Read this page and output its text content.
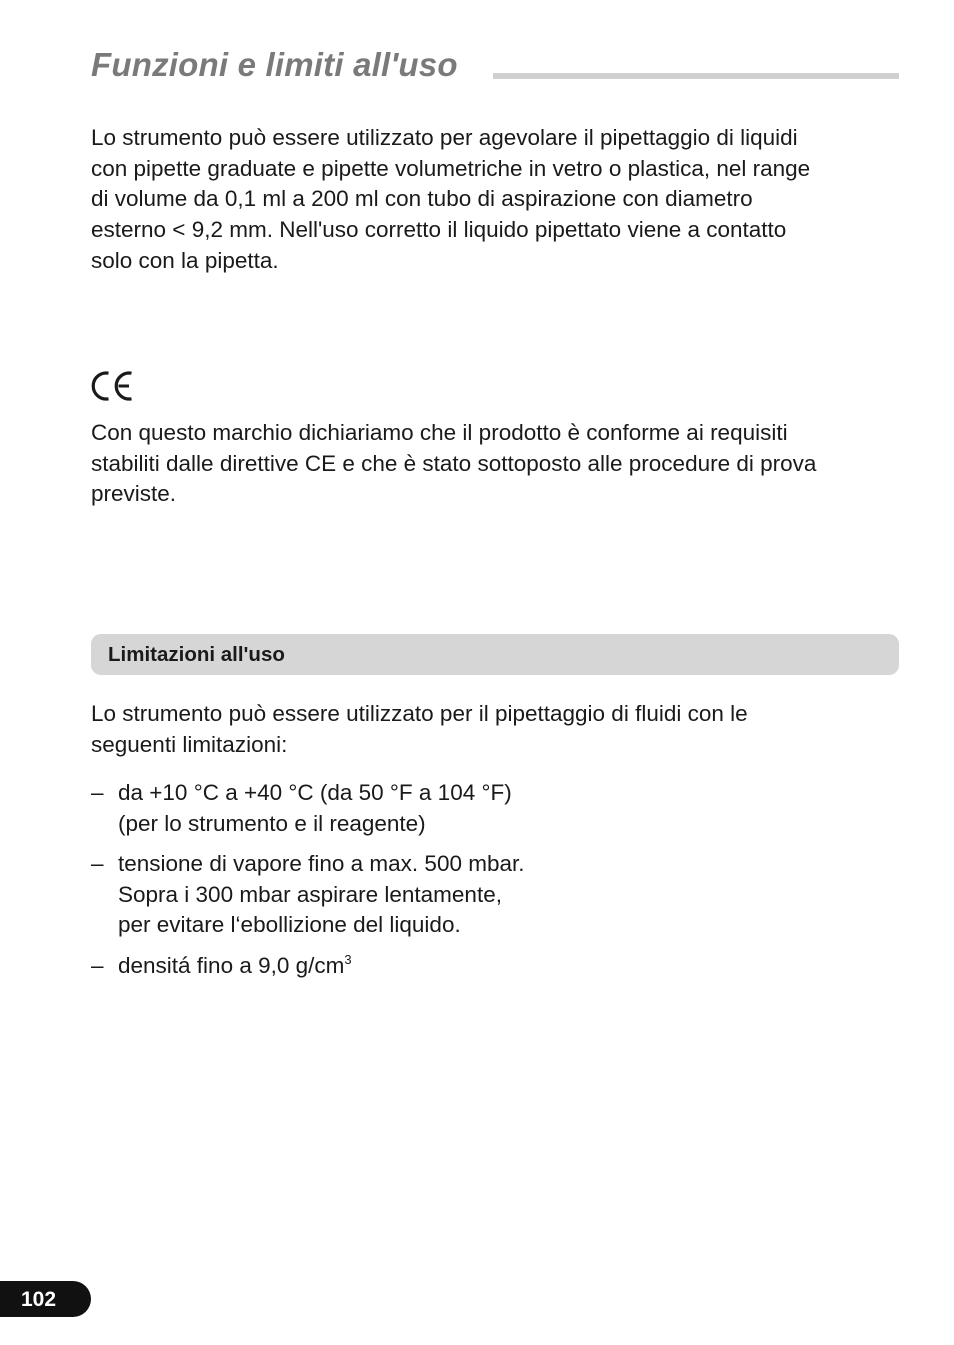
Funzioni e limiti all'uso
Lo strumento può essere utilizzato per agevolare il pipettaggio di liquidi
con pipette graduate e pipette volumetriche in vetro o plastica, nel range
di volume da 0,1 ml a 200 ml con tubo di aspirazione con diametro
esterno < 9,2 mm. Nell'uso corretto il liquido pipettato viene a contatto
solo con la pipetta.
Con questo marchio dichiariamo che il prodotto è conforme ai requisiti
stabiliti dalle direttive CE e che è stato sottoposto alle procedure di prova
previste.
Limitazioni all'uso
Lo strumento può essere utilizzato per il pipettaggio di fluidi con le
seguenti limitazioni:
– da +10 °C a +40 °C (da 50 °F a 104 °F)
(per lo strumento e il reagente)
– tensione di vapore fino a max. 500 mbar.
Sopra i 300 mbar aspirare lentamente,
per evitare l‘ebollizione del liquido.
– densitá fino a 9,0 $g/cm^3$
102
